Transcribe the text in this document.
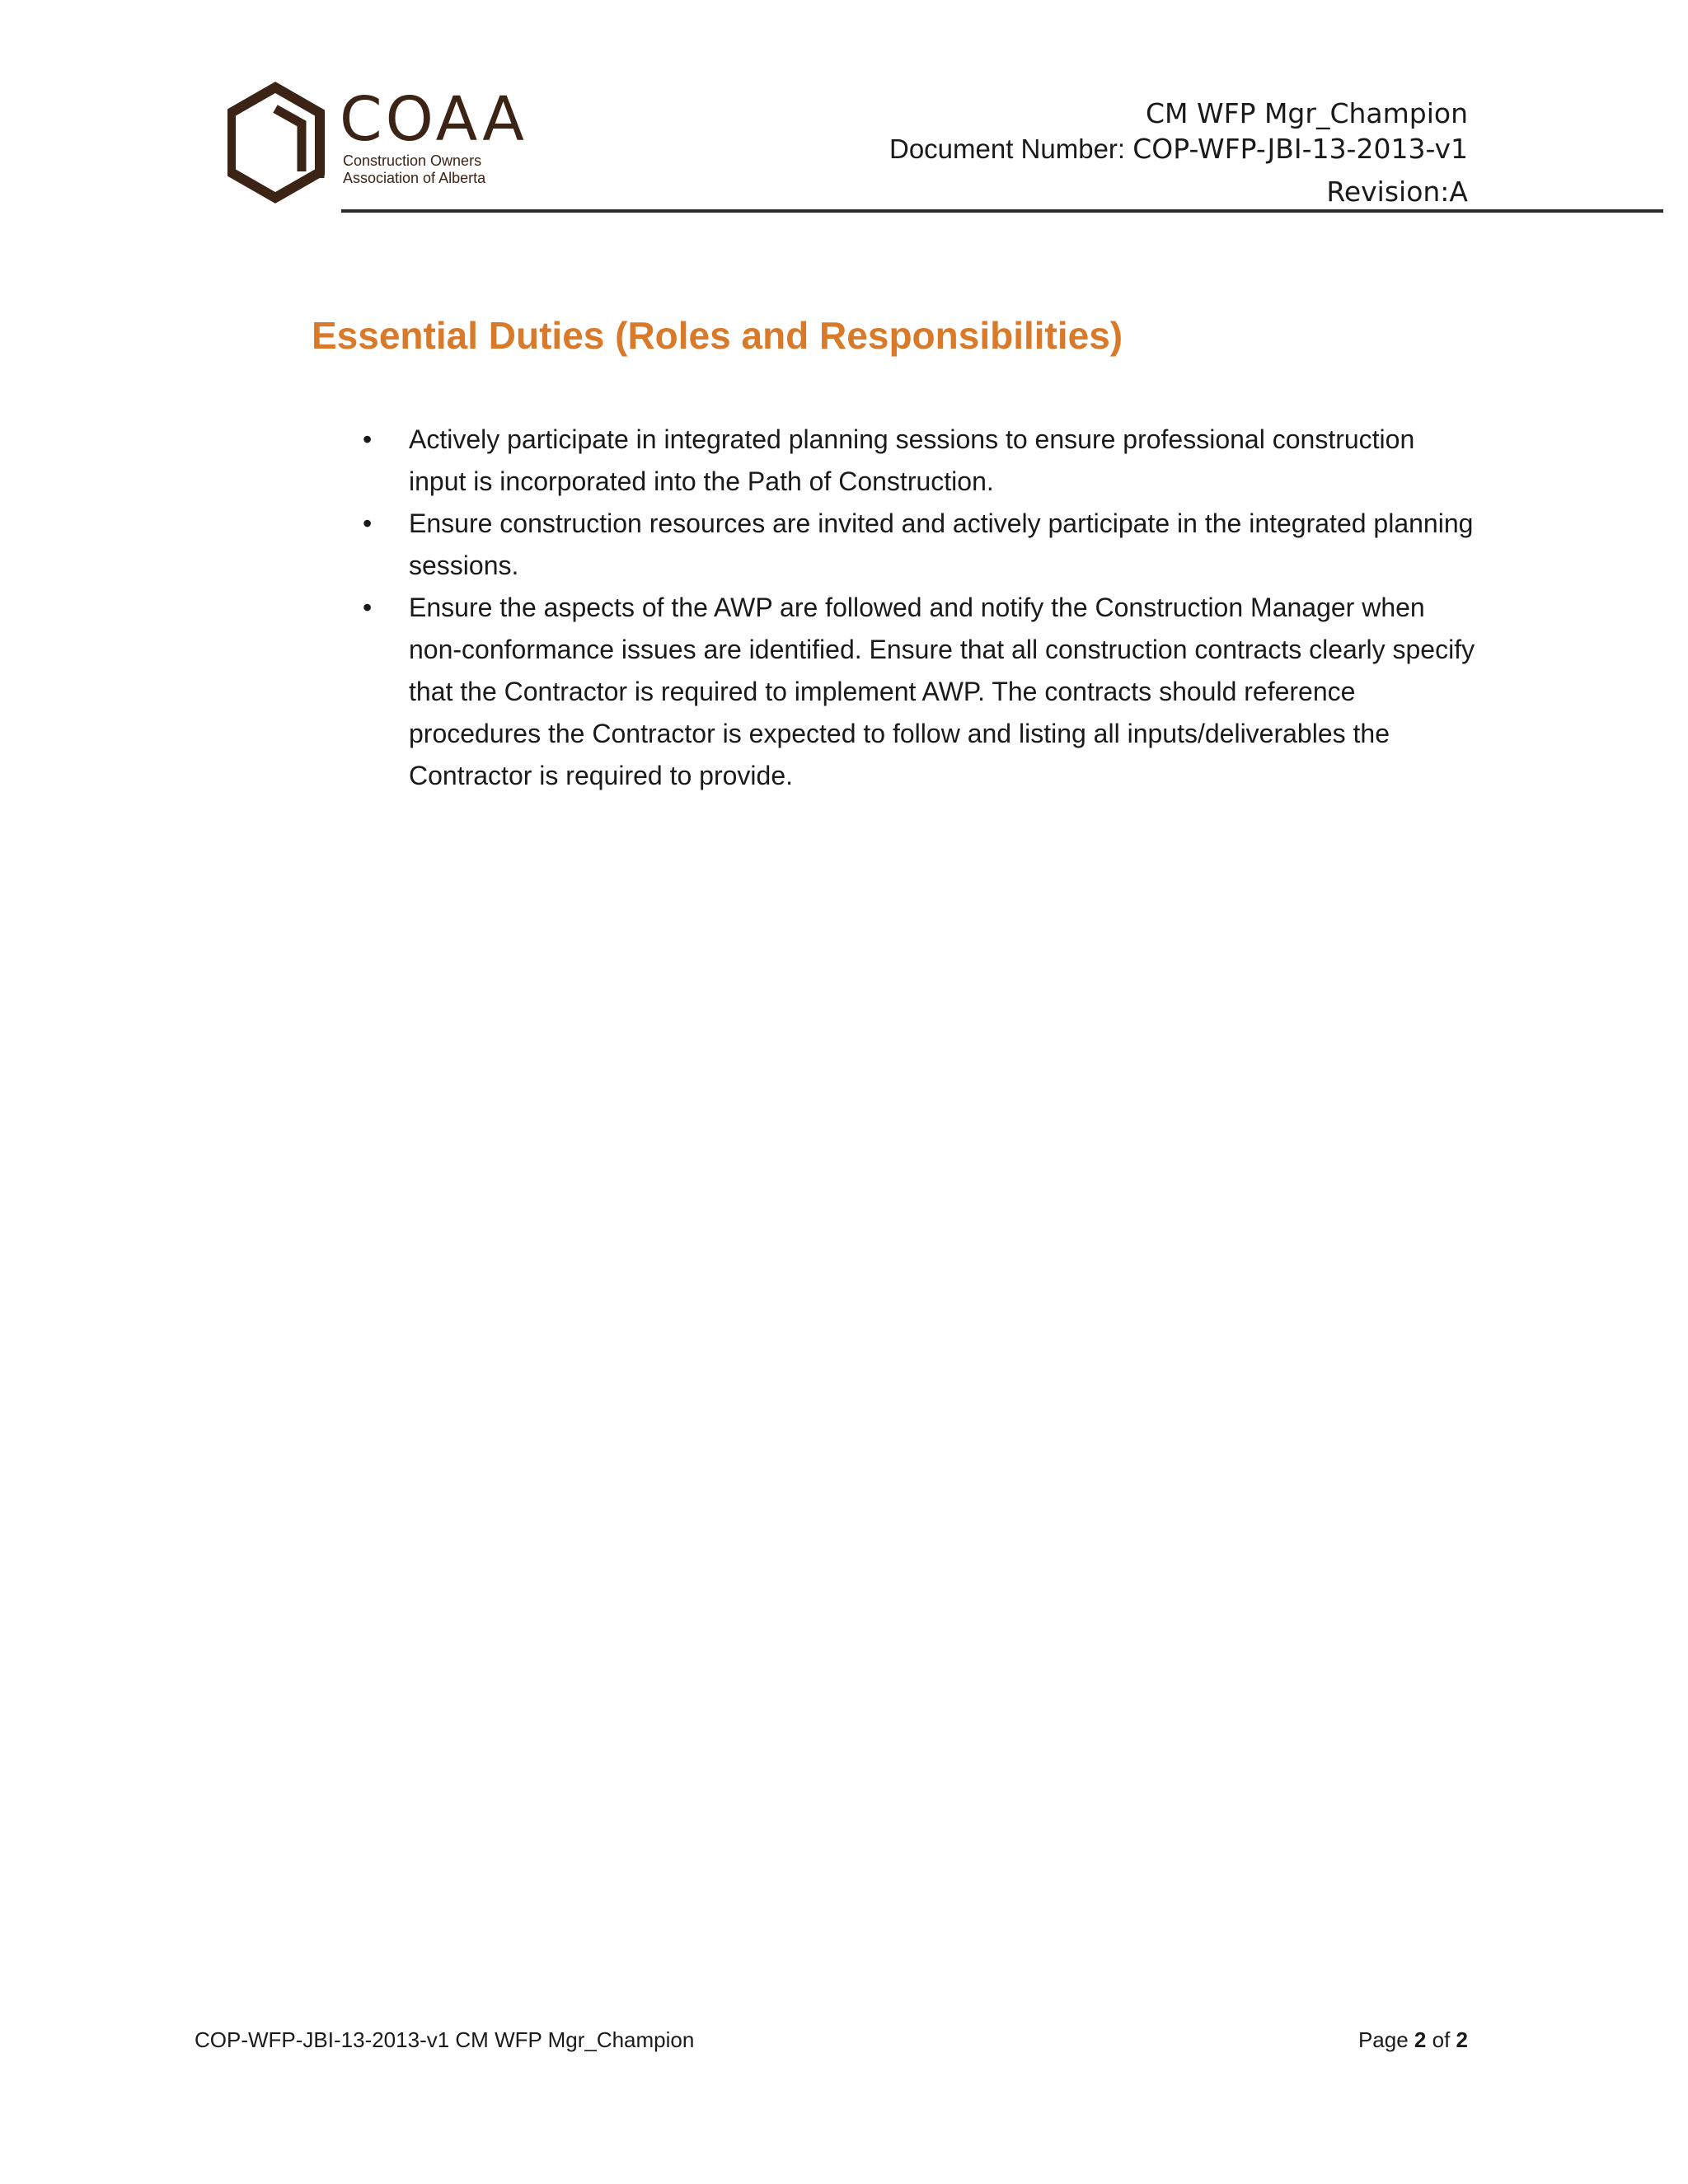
COAA
Construction Owners
Association of Alberta
CM WFP Mgr_Champion
Document Number: COP-WFP-JBI-13-2013-v1
Revision:A
Essential Duties (Roles and Responsibilities)
•	Actively participate in integrated planning sessions to ensure professional construction input is incorporated into the Path of Construction.
•	Ensure construction resources are invited and actively participate in the integrated planning sessions.
•	Ensure the aspects of the AWP are followed and notify the Construction Manager when non-conformance issues are identified. Ensure that all construction contracts clearly specify that the Contractor is required to implement AWP. The contracts should reference procedures the Contractor is expected to follow and listing all inputs/deliverables the Contractor is required to provide.
COP-WFP-JBI-13-2013-v1 CM WFP Mgr_Champion	Page 2 of 2
